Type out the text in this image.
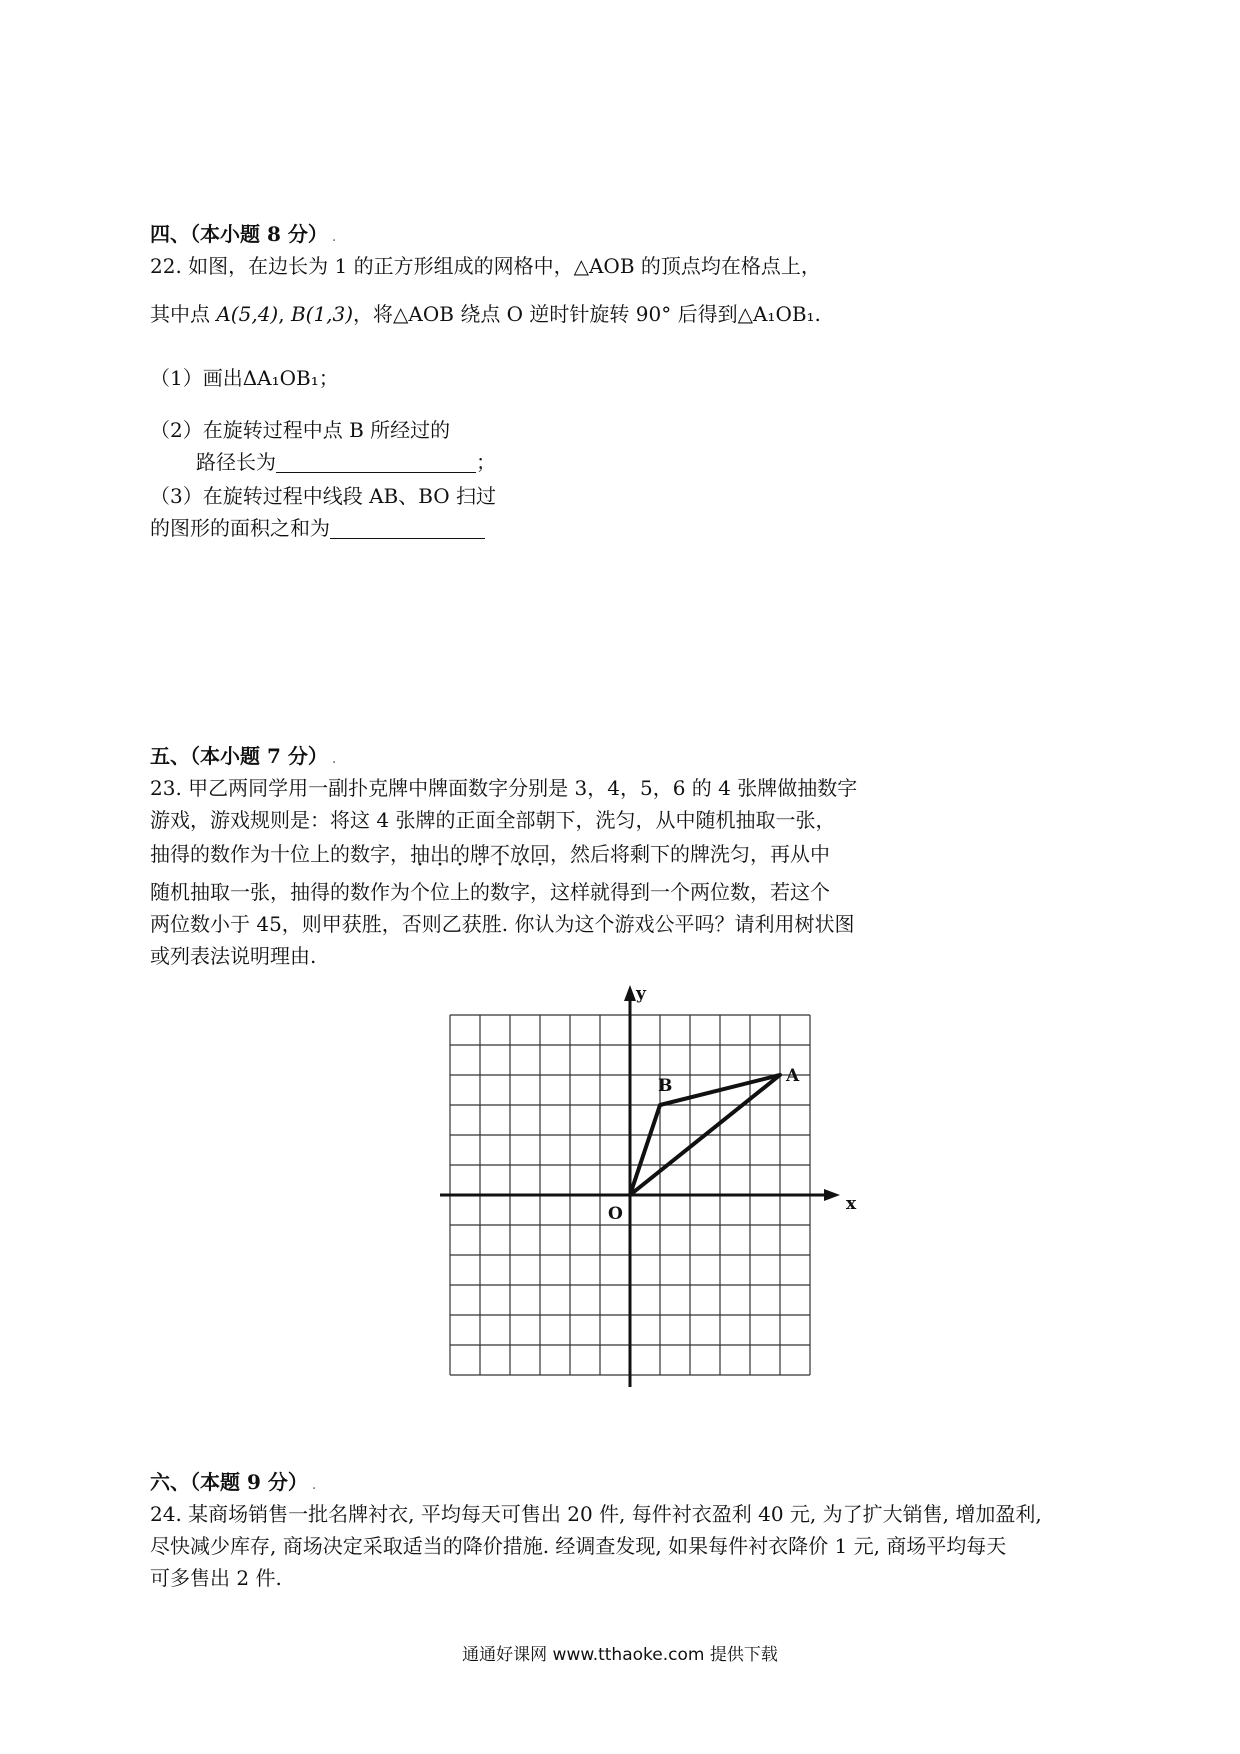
四、（本小题 8 分） .
22. 如图，在边长为 1 的正方形组成的网格中，△AOB 的顶点均在格点上，
其中点 A(5,4), B(1,3)，将△AOB 绕点 O 逆时针旋转 90° 后得到△A₁OB₁.
（1）画出ΔA₁OB₁；
（2）在旋转过程中点 B 所经过的
路径长为	；
（3）在旋转过程中线段 AB、BO 扫过
的图形的面积之和为
五、（本小题 7 分） .
23. 甲乙两同学用一副扑克牌中牌面数字分别是 3，4，5，6 的 4 张牌做抽数字
游戏，游戏规则是：将这 4 张牌的正面全部朝下，洗匀，从中随机抽取一张，
抽得的数作为十位上的数字，抽出的牌不放回，然后将剩下的牌洗匀，再从中
随机抽取一张，抽得的数作为个位上的数字，这样就得到一个两位数，若这个
两位数小于 45，则甲获胜，否则乙获胜. 你认为这个游戏公平吗？请利用树状图
或列表法说明理由.
A
B
O	x
y
六、（本题 9 分） .
24. 某商场销售一批名牌衬衣, 平均每天可售出 20 件, 每件衬衣盈利 40 元, 为了扩大销售, 增加盈利,
尽快减少库存, 商场决定采取适当的降价措施. 经调查发现, 如果每件衬衣降价 1 元, 商场平均每天
可多售出 2 件.
通通好课网 www.tthaoke.com 提供下载
